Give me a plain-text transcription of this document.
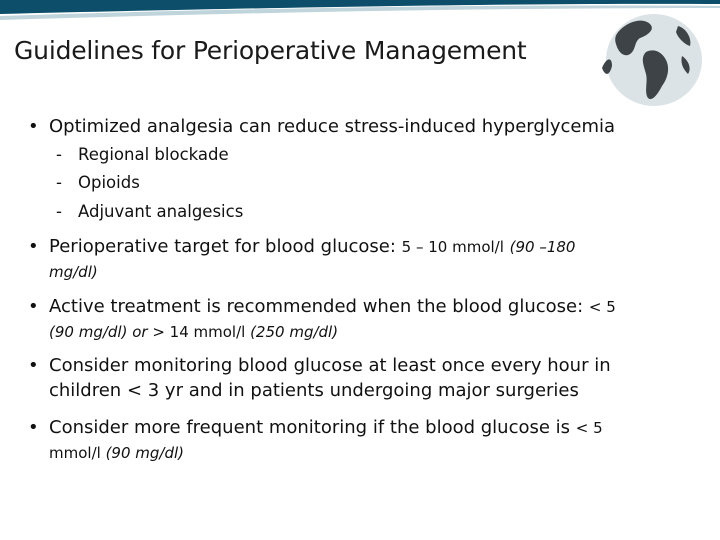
Guidelines for Perioperative Management
• Optimized analgesia can reduce stress-induced hyperglycemia
- Regional blockade
- Opioids
- Adjuvant analgesics
• Perioperative target for blood glucose: 5 – 10 mmol/l (90 –180
mg/dl)
• Active treatment is recommended when the blood glucose: < 5
(90 mg/dl) or > 14 mmol/l (250 mg/dl)
• Consider monitoring blood glucose at least once every hour in
children < 3 yr and in patients undergoing major surgeries
• Consider more frequent monitoring if the blood glucose is < 5
mmol/l (90 mg/dl)
